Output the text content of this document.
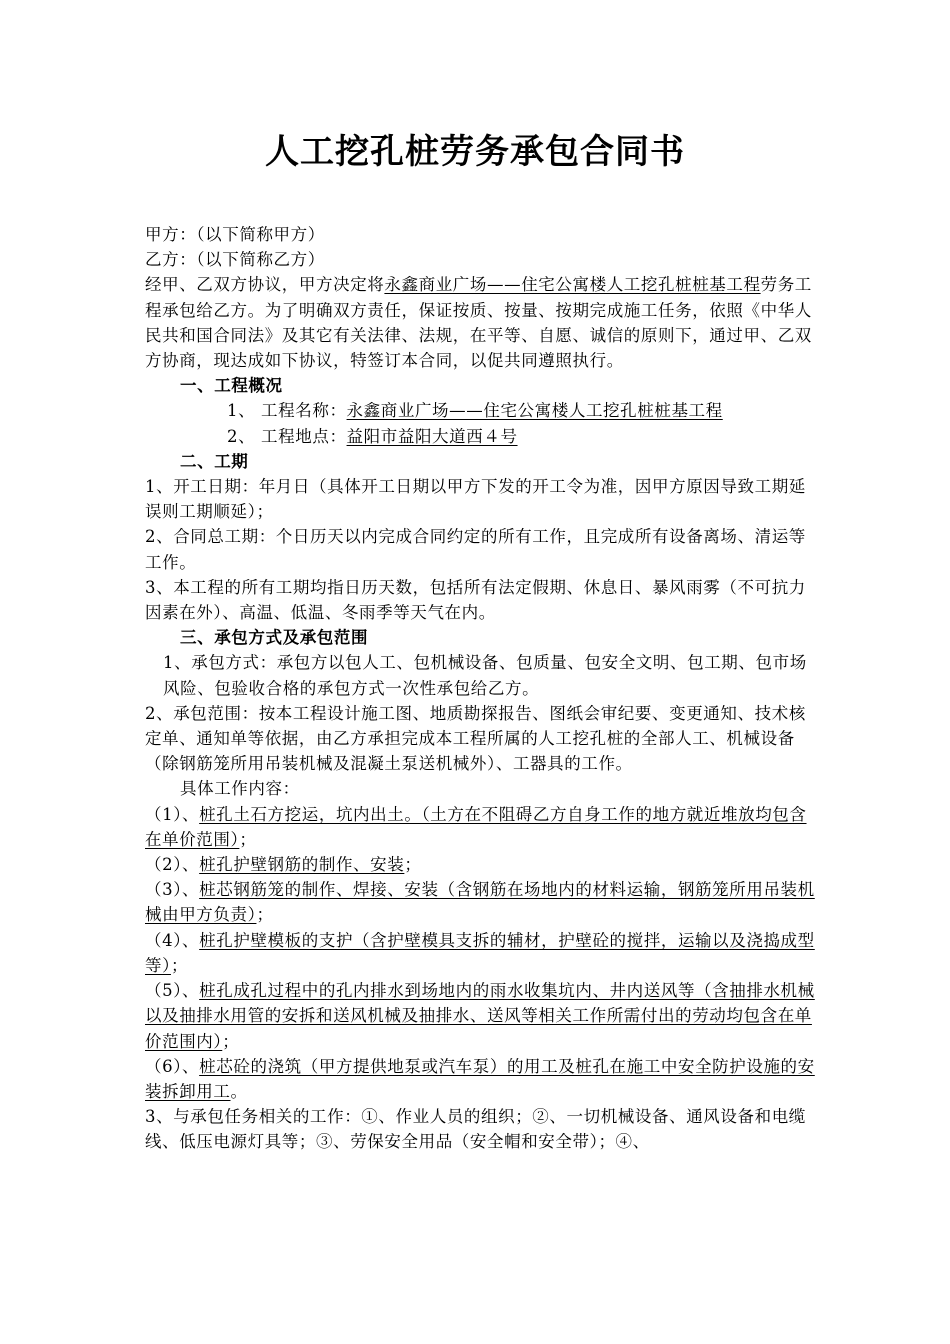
人工挖孔桩劳务承包合同书

甲方：（以下简称甲方）

乙方：（以下简称乙方）

经甲、乙双方协议，甲方决定将永鑫商业广场——住宅公寓楼人工挖孔桩桩基工程劳务工程承包给乙方。为了明确双方责任，保证按质、按量、按期完成施工任务，依照《中华人民共和国合同法》及其它有关法律、法规，在平等、自愿、诚信的原则下，通过甲、乙双方协商，现达成如下协议，特签订本合同，以促共同遵照执行。

一、工程概况

1、 工程名称：永鑫商业广场——住宅公寓楼人工挖孔桩桩基工程

2、 工程地点：益阳市益阳大道西４号

二、工期

1、开工日期：年月日（具体开工日期以甲方下发的开工令为准，因甲方原因导致工期延误则工期顺延）；

2、合同总工期：个日历天以内完成合同约定的所有工作，且完成所有设备离场、清运等工作。

3、本工程的所有工期均指日历天数，包括所有法定假期、休息日、暴风雨雾（不可抗力因素在外）、高温、低温、冬雨季等天气在内。

三、承包方式及承包范围

1、承包方式：承包方以包人工、包机械设备、包质量、包安全文明、包工期、包市场风险、包验收合格的承包方式一次性承包给乙方。

2、承包范围：按本工程设计施工图、地质勘探报告、图纸会审纪要、变更通知、技术核定单、通知单等依据，由乙方承担完成本工程所属的人工挖孔桩的全部人工、机械设备（除钢筋笼所用吊装机械及混凝土泵送机械外）、工器具的工作。

具体工作内容：

（1）、桩孔土石方挖运，坑内出土。（土方在不阻碍乙方自身工作的地方就近堆放均包含在单价范围）；

（2）、桩孔护壁钢筋的制作、安装；

（3）、桩芯钢筋笼的制作、焊接、安装（含钢筋在场地内的材料运输，钢筋笼所用吊装机械由甲方负责）；

（4）、桩孔护壁模板的支护（含护壁模具支拆的辅材，护壁砼的搅拌，运输以及浇捣成型等）；

（5）、桩孔成孔过程中的孔内排水到场地内的雨水收集坑内、井内送风等（含抽排水机械以及抽排水用管的安拆和送风机械及抽排水、送风等相关工作所需付出的劳动均包含在单价范围内）；

（6）、桩芯砼的浇筑（甲方提供地泵或汽车泵）的用工及桩孔在施工中安全防护设施的安装拆卸用工。

3、与承包任务相关的工作：①、作业人员的组织；②、一切机械设备、通风设备和电缆线、低压电源灯具等；③、劳保安全用品（安全帽和安全带）；④、
